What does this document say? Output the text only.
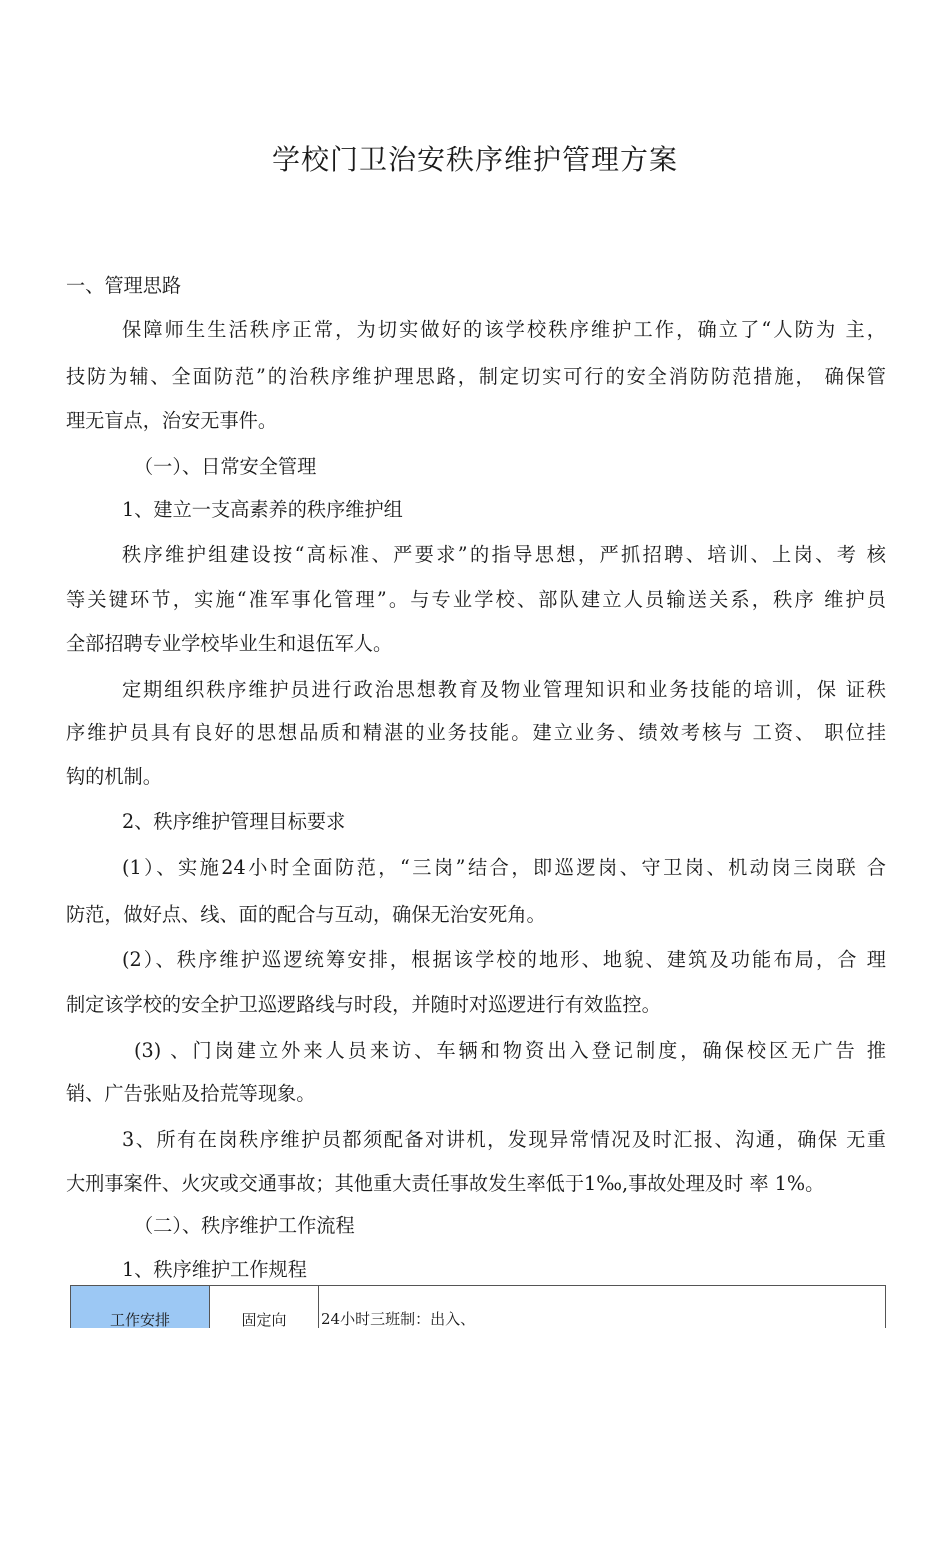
学校门卫治安秩序维护管理方案
一、管理思路
保障师生生活秩序正常，为切实做好的该学校秩序维护工作，确立了“人防为 主，
技防为辅、全面防范”的治秩序维护理思路，制定切实可行的安全消防防范措施， 确保管
理无盲点，治安无事件。
（一）、日常安全管理
1、建立一支高素养的秩序维护组
秩序维护组建设按“高标准、严要求”的指导思想，严抓招聘、培训、上岗、考 核
等关键环节，实施“准军事化管理”。与专业学校、部队建立人员输送关系，秩序 维护员
全部招聘专业学校毕业生和退伍军人。
定期组织秩序维护员进行政治思想教育及物业管理知识和业务技能的培训，保 证秩
序维护员具有良好的思想品质和精湛的业务技能。建立业务、绩效考核与 工资、 职位挂
钩的机制。
2、秩序维护管理目标要求
(1）、实施24小时全面防范，“三岗”结合，即巡逻岗、守卫岗、机动岗三岗联 合
防范，做好点、线、面的配合与互动，确保无治安死角。
(2）、秩序维护巡逻统筹安排，根据该学校的地形、地貌、建筑及功能布局，合 理
制定该学校的安全护卫巡逻路线与时段，并随时对巡逻进行有效监控。
(3) 、门岗建立外来人员来访、车辆和物资出入登记制度，确保校区无广告 推
销、广告张贴及拾荒等现象。
3、所有在岗秩序维护员都须配备对讲机，发现异常情况及时汇报、沟通，确保 无重
大刑事案件、火灾或交通事故；其他重大责任事故发生率低于1‰,事故处理及时 率 1%。
（二）、秩序维护工作流程
1、秩序维护工作规程
工作安排	固定向	24小时三班制：出入、
